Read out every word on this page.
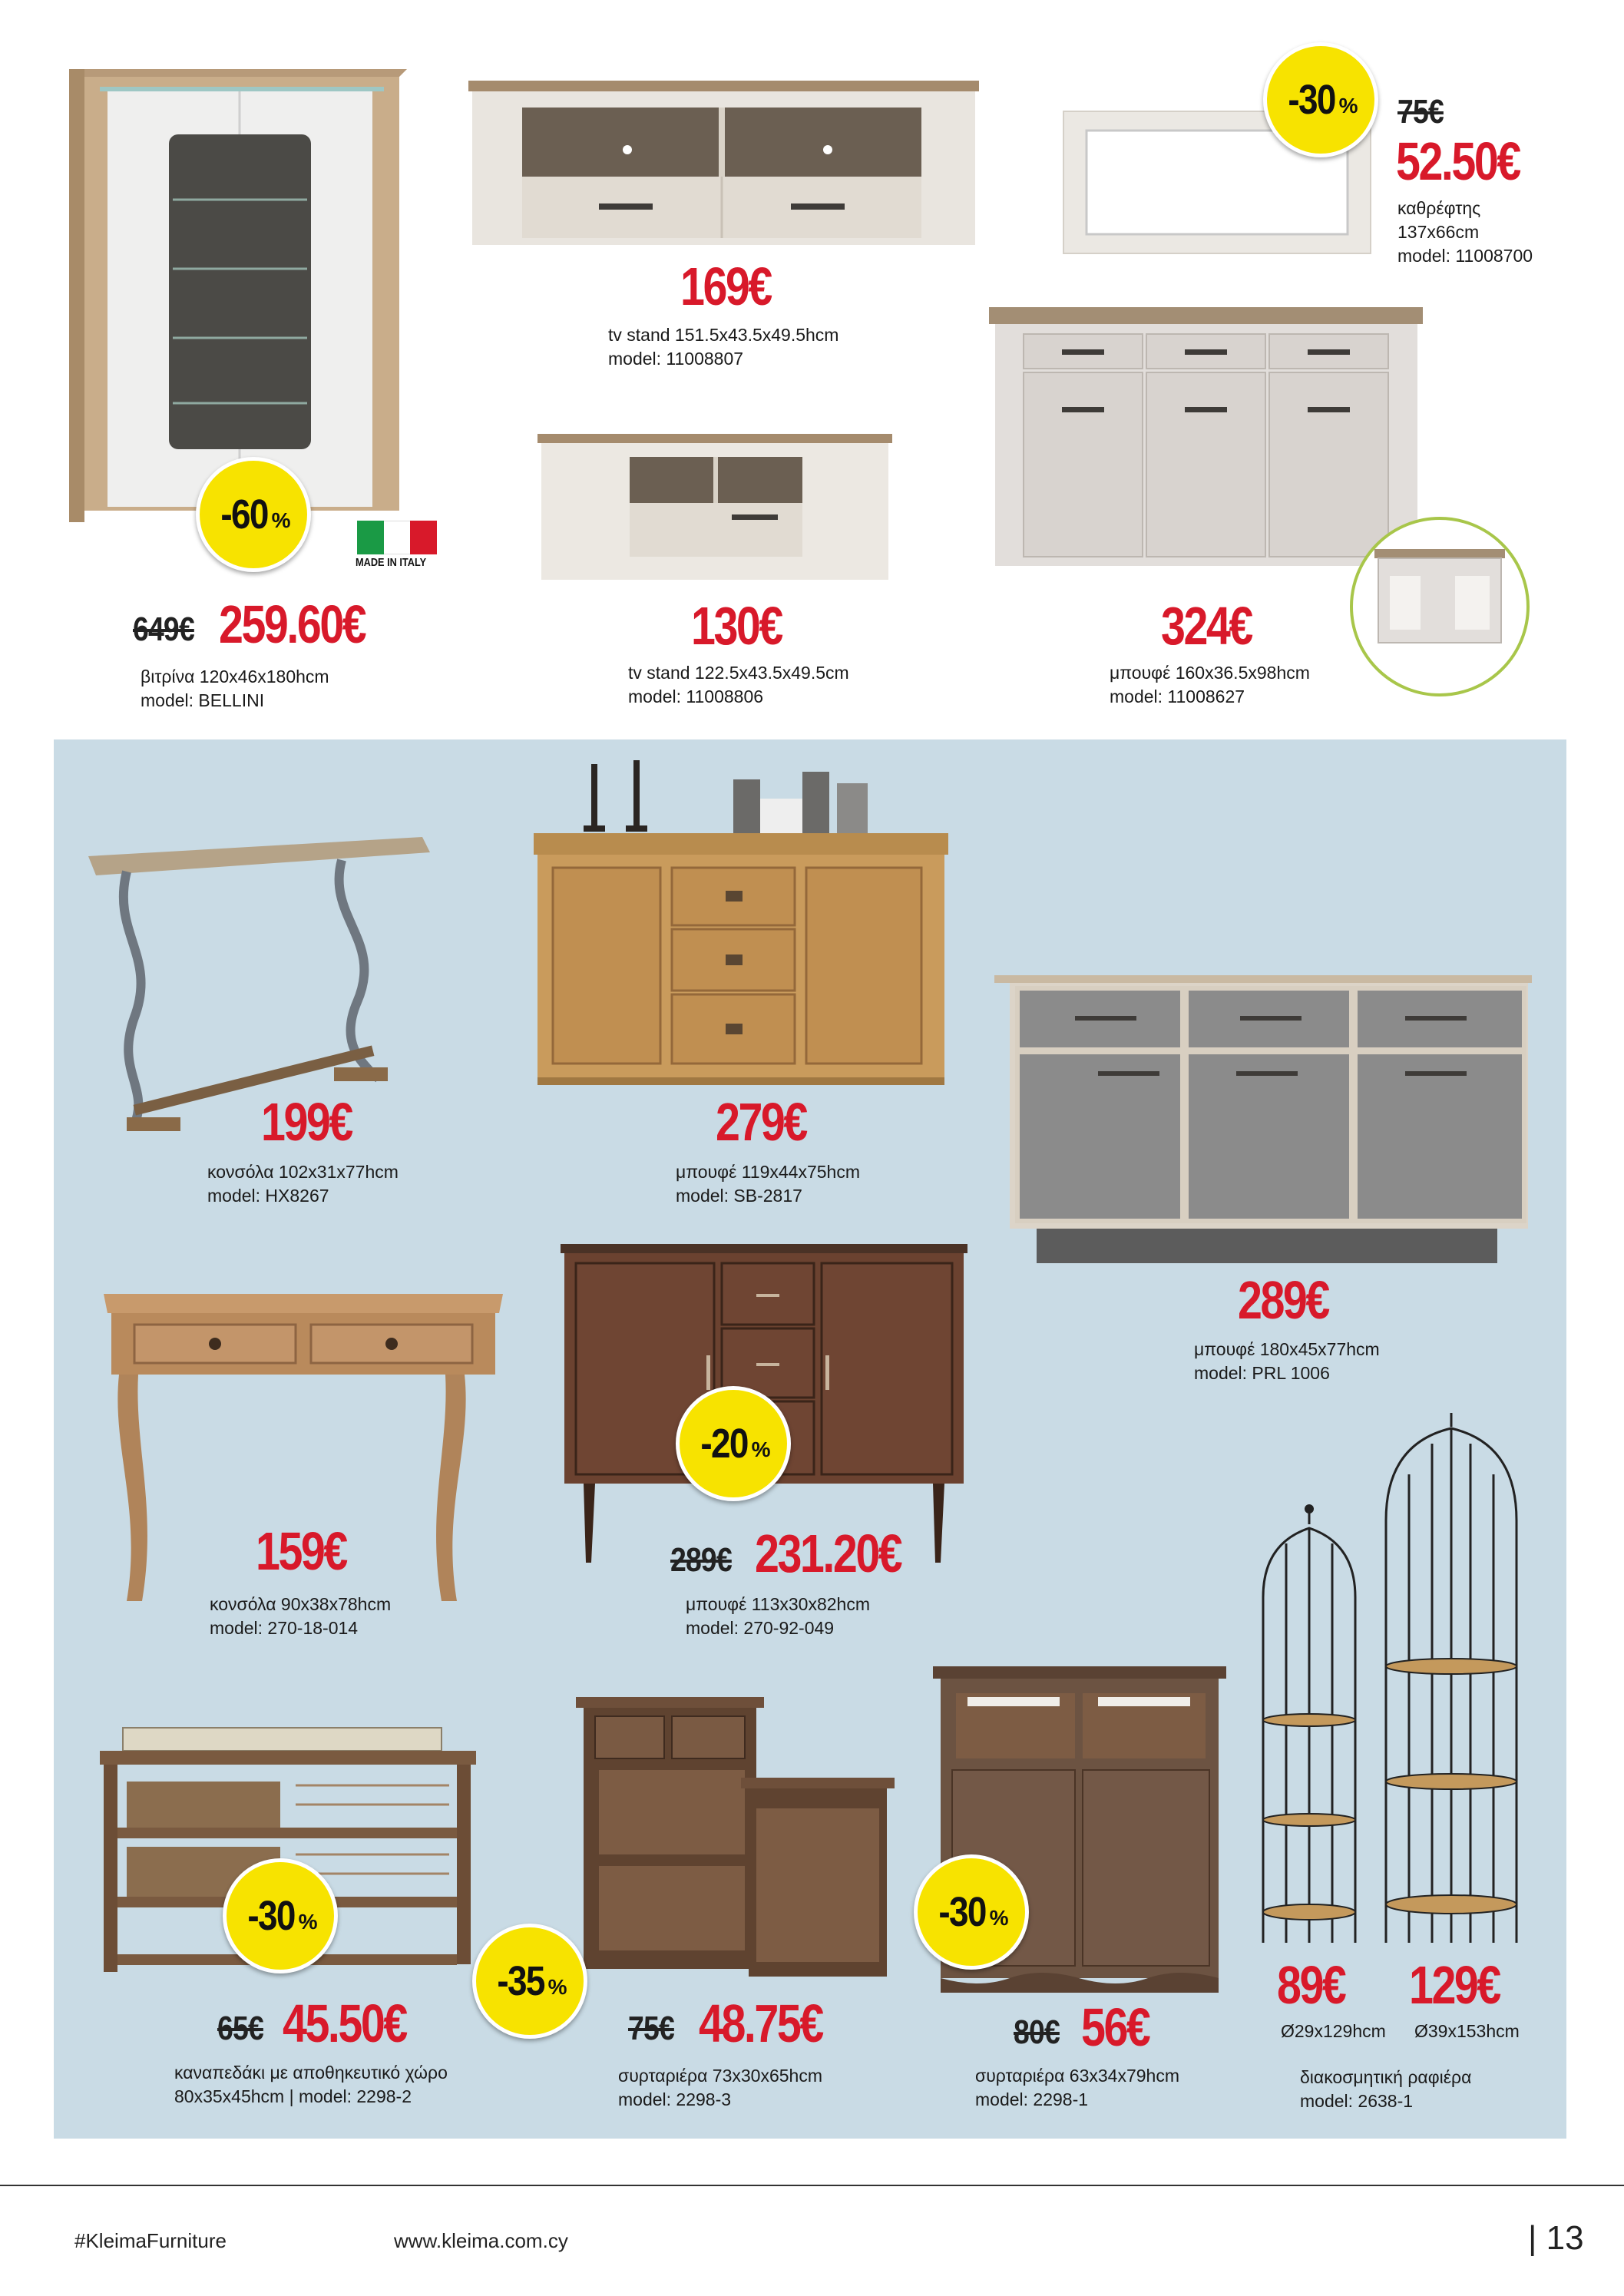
MADE IN ITALY
-60 %
-30 %
649€ 259.60€
βιτρίνα 120x46x180hcm
model: BELLINI
169€
tv stand 151.5x43.5x49.5hcm
model: 11008807
75€
52.50€
καθρέφτης
137x66cm
model: 11008700
130€
tv stand 122.5x43.5x49.5cm
model: 11008806
324€
μπουφέ 160x36.5x98hcm
model: 11008627
-20 %
-30 %
-35 %
-30 %
199€
κονσόλα 102x31x77hcm
model: HX8267
279€
μπουφέ 119x44x75hcm
model: SB-2817
289€
μπουφέ 180x45x77hcm
model: PRL 1006
159€
κονσόλα 90x38x78hcm
model: 270-18-014
289€ 231.20€
μπουφέ 113x30x82hcm
model: 270-92-049
65€ 45.50€
καναπεδάκι με αποθηκευτικό χώρο
80x35x45hcm | model: 2298-2
75€ 48.75€
συρταριέρα 73x30x65hcm
model: 2298-3
80€ 56€
συρταριέρα 63x34x79hcm
model: 2298-1
89€ 129€
Ø29x129hcm Ø39x153hcm
διακοσμητική ραφιέρα
model: 2638-1
#KleimaFurniture	www.kleima.com.cy	| 13
